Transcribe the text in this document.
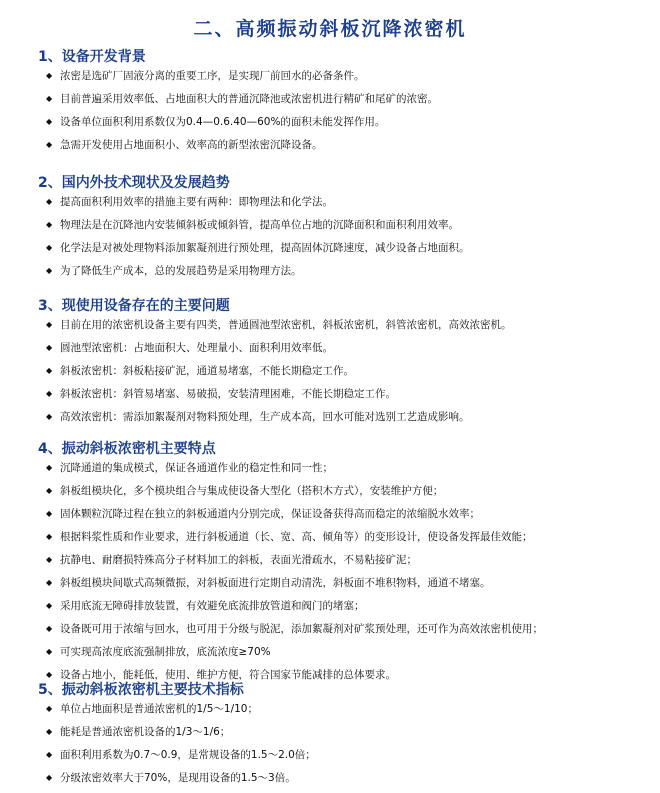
二、高频振动斜板沉降浓密机
1、设备开发背景
◆ 浓密是选矿厂固液分离的重要工序，是实现厂前回水的必备条件。
◆ 目前普遍采用效率低、占地面积大的普通沉降池或浓密机进行精矿和尾矿的浓密。
◆ 设备单位面积利用系数仅为0.4—0.6.40—60%的面积未能发挥作用。
◆ 急需开发使用占地面积小、效率高的新型浓密沉降设备。
2、国内外技术现状及发展趋势
◆ 提高面积利用效率的措施主要有两种：即物理法和化学法。
◆ 物理法是在沉降池内安装倾斜板或倾斜管，提高单位占地的沉降面积和面积利用效率。
◆ 化学法是对被处理物料添加絮凝剂进行预处理，提高固体沉降速度，减少设备占地面积。
◆ 为了降低生产成本，总的发展趋势是采用物理方法。
3、现使用设备存在的主要问题
◆ 目前在用的浓密机设备主要有四类，普通圆池型浓密机，斜板浓密机，斜管浓密机，高效浓密机。
◆ 圆池型浓密机：占地面积大、处理量小、面积利用效率低。
◆ 斜板浓密机：斜板粘接矿泥，通道易堵塞，不能长期稳定工作。
◆ 斜板浓密机：斜管易堵塞、易破损，安装清理困难，不能长期稳定工作。
◆ 高效浓密机：需添加絮凝剂对物料预处理，生产成本高，回水可能对选别工艺造成影响。
4、振动斜板浓密机主要特点
◆ 沉降通道的集成模式，保证各通道作业的稳定性和同一性；
◆ 斜板组模块化，多个模块组合与集成使设备大型化（搭积木方式），安装维护方便；
◆ 固体颗粒沉降过程在独立的斜板通道内分别完成，保证设备获得高而稳定的浓缩脱水效率；
◆ 根据料浆性质和作业要求，进行斜板通道（长、宽、高、倾角等）的变形设计，使设备发挥最佳效能；
◆ 抗静电、耐磨损特殊高分子材料加工的斜板，表面光滑疏水，不易粘接矿泥；
◆ 斜板组模块间歇式高频微振，对斜板面进行定期自动清洗，斜板面不堆积物料，通道不堵塞。
◆ 采用底流无障碍排放装置，有效避免底流排放管道和阀门的堵塞；
◆ 设备既可用于浓缩与回水，也可用于分级与脱泥，添加絮凝剂对矿浆预处理，还可作为高效浓密机使用；
◆ 可实现高浓度底流强制排放，底流浓度≥70%
◆ 设备占地小，能耗低，使用、维护方便，符合国家节能减排的总体要求。
5、振动斜板浓密机主要技术指标
◆ 单位占地面积是普通浓密机的1/5～1/10；
◆ 能耗是普通浓密机设备的1/3～1/6；
◆ 面积利用系数为0.7～0.9，是常规设备的1.5～2.0倍；
◆ 分级浓密效率大于70%，是现用设备的1.5～3倍。
